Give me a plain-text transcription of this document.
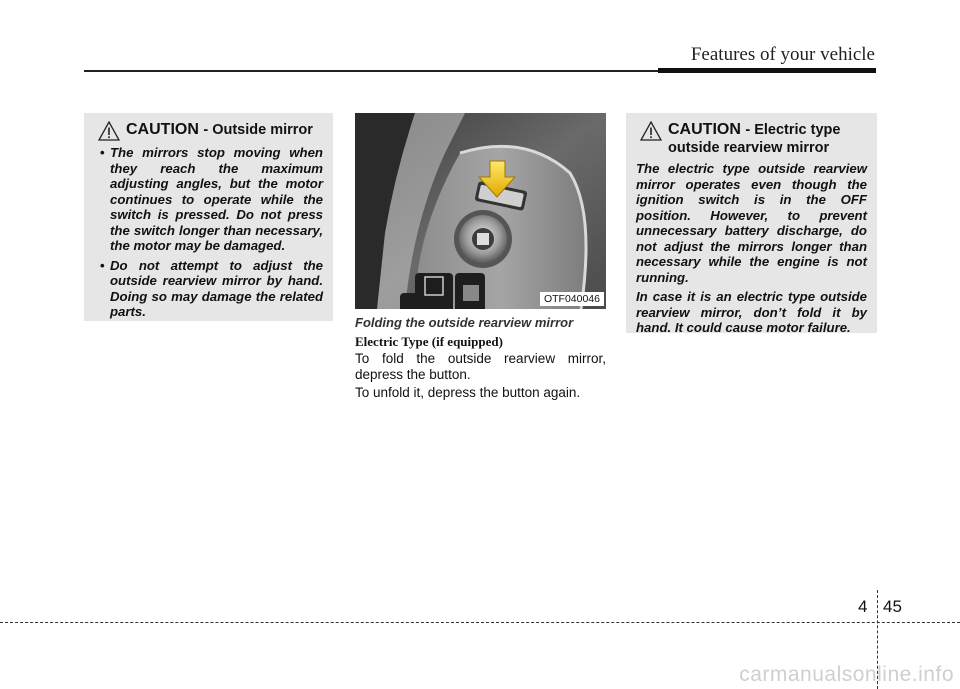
Features of your vehicle
CAUTION - Outside mirror
• The mirrors stop moving when they reach the maximum adjusting angles, but the motor continues to operate while the switch is pressed. Do not press the switch longer than necessary, the motor may be damaged.
• Do not attempt to adjust the outside rearview mirror by hand. Doing so may damage the related parts.
OTF040046
Folding the outside rearview mirror
Electric Type (if equipped)
To fold the outside rearview mirror, depress the button.
To unfold it, depress the button again.
CAUTION - Electric type outside rearview mirror
The electric type outside rearview mirror operates even though the ignition switch is in the OFF position. However, to prevent unnecessary battery discharge, do not adjust the mirrors longer than necessary while the engine is not running.
In case it is an electric type outside rearview mirror, don’t fold it by hand. It could cause motor failure.
4 45
carmanualsonline.info
